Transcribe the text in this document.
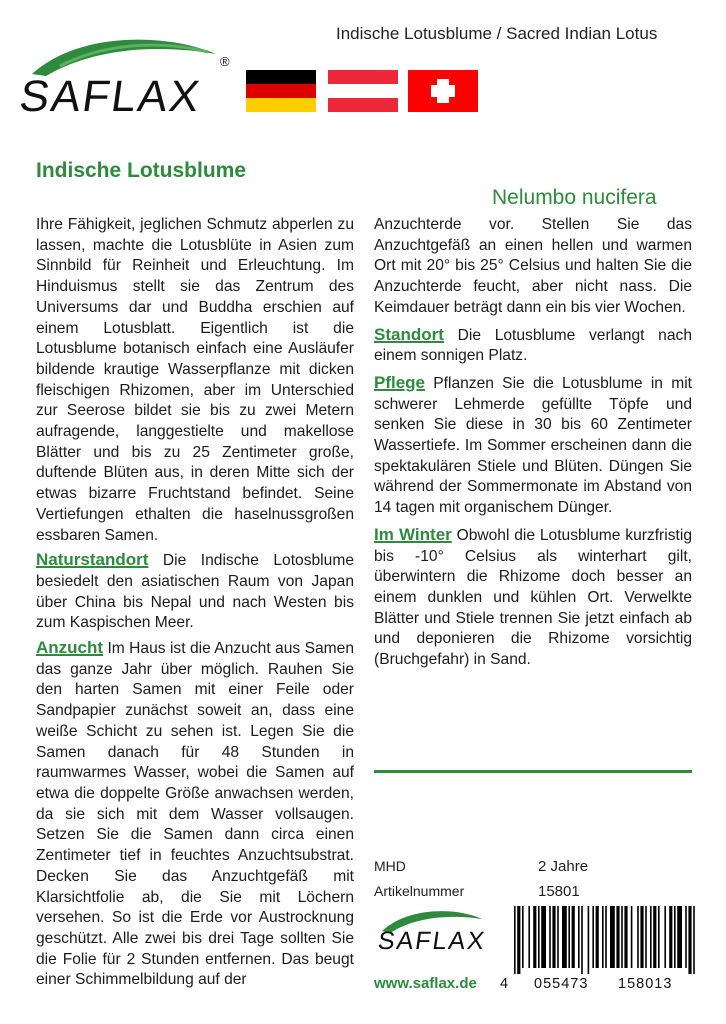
Indische Lotusblume / Sacred Indian Lotus
SAFLAX
®
Indische Lotusblume
Nelumbo nucifera

Ihre Fähigkeit, jeglichen Schmutz abperlen zu lassen, machte die Lotusblüte in Asien zum Sinnbild für Reinheit und Erleuchtung. Im Hinduismus stellt sie das Zentrum des Universums dar und Buddha erschien auf einem Lotusblatt. Eigentlich ist die Lotusblume botanisch einfach eine Ausläufer bildende krautige Wasserpflanze mit dicken fleischigen Rhizomen, aber im Unterschied zur Seerose bildet sie bis zu zwei Metern aufragende, langgestielte und makellose Blätter und bis zu 25 Zentimeter große, duftende Blüten aus, in deren Mitte sich der etwas bizarre Fruchtstand befindet. Seine Vertiefungen ethalten die haselnussgroßen essbaren Samen.

Naturstandort Die Indische Lotosblume besiedelt den asiatischen Raum von Japan über China bis Nepal und nach Westen bis zum Kaspischen Meer.

Anzucht Im Haus ist die Anzucht aus Samen das ganze Jahr über möglich. Rauhen Sie den harten Samen mit einer Feile oder Sandpapier zunächst soweit an, dass eine weiße Schicht zu sehen ist. Legen Sie die Samen danach für 48 Stunden in raumwarmes Wasser, wobei die Samen auf etwa die doppelte Größe anwachsen werden, da sie sich mit dem Wasser vollsaugen. Setzen Sie die Samen dann circa einen Zentimeter tief in feuchtes Anzuchtsubstrat. Decken Sie das Anzuchtgefäß mit Klarsichtfolie ab, die Sie mit Löchern versehen. So ist die Erde vor Austrocknung geschützt. Alle zwei bis drei Tage sollten Sie die Folie für 2 Stunden entfernen. Das beugt einer Schimmelbildung auf der

Anzuchterde vor. Stellen Sie das Anzuchtgefäß an einen hellen und warmen Ort mit 20° bis 25° Celsius und halten Sie die Anzuchterde feucht, aber nicht nass. Die Keimdauer beträgt dann ein bis vier Wochen.

Standort Die Lotusblume verlangt nach einem sonnigen Platz.

Pflege Pflanzen Sie die Lotusblume in mit schwerer Lehmerde gefüllte Töpfe und senken Sie diese in 30 bis 60 Zentimeter Wassertiefe. Im Sommer erscheinen dann die spektakulären Stiele und Blüten. Düngen Sie während der Sommermonate im Abstand von 14 tagen mit organischem Dünger.

Im Winter Obwohl die Lotusblume kurzfristig bis -10° Celsius als winterhart gilt, überwintern die Rhizome doch besser an einem dunklen und kühlen Ort. Verwelkte Blätter und Stiele trennen Sie jetzt einfach ab und deponieren die Rhizome vorsichtig (Bruchgefahr) in Sand.

MHD	2 Jahre
Artikelnummer	15801
SAFLAX
www.saflax.de 4 055473 158013
